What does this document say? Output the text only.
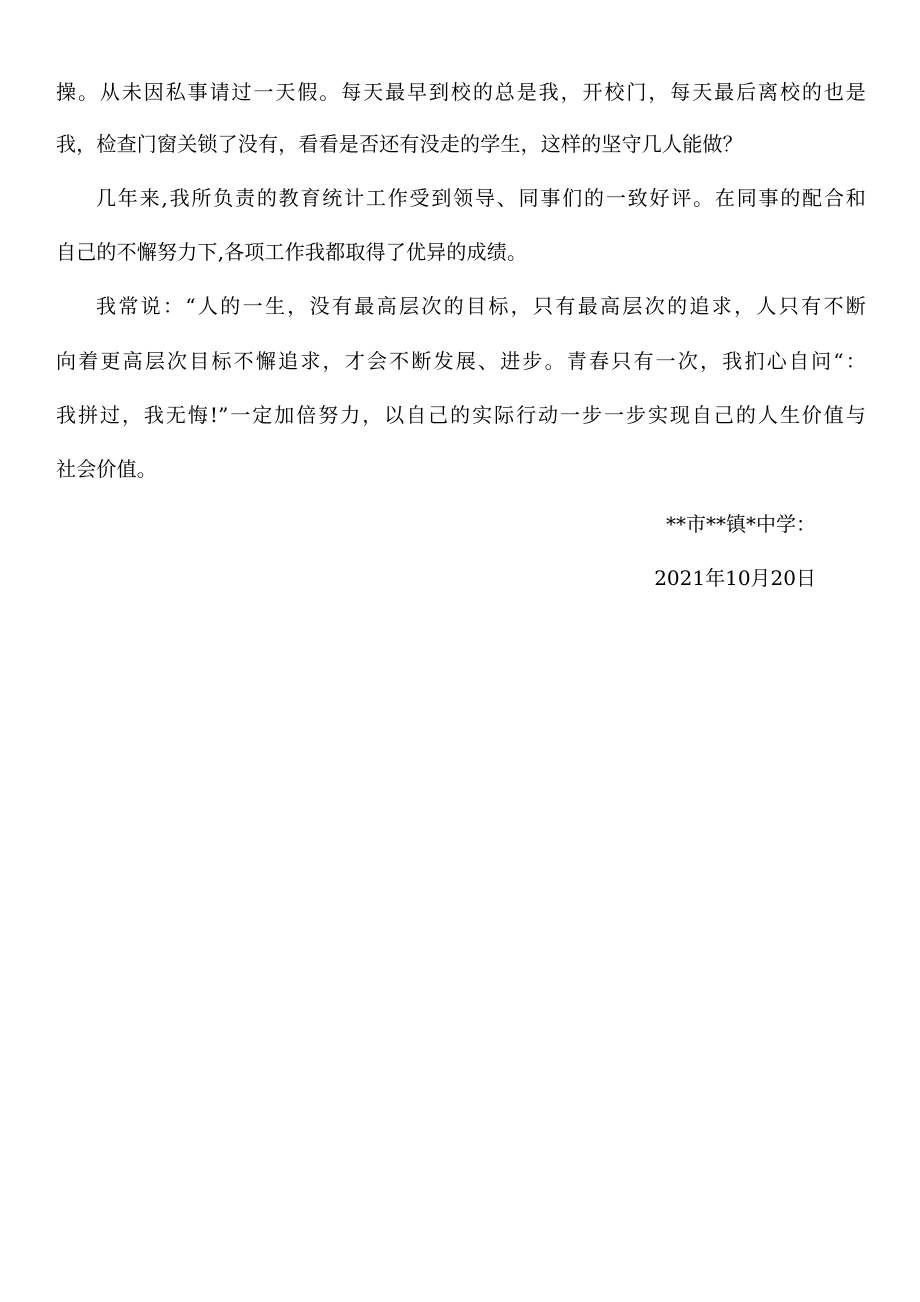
操。从未因私事请过一天假。每天最早到校的总是我，开校门，每天最后离校的也是
我，检查门窗关锁了没有，看看是否还有没走的学生，这样的坚守几人能做？
几年来,我所负责的教育统计工作受到领导、同事们的一致好评。在同事的配合和
自己的不懈努力下,各项工作我都取得了优异的成绩。
我常说：“人的一生，没有最高层次的目标，只有最高层次的追求，人只有不断
向着更高层次目标不懈追求，才会不断发展、进步。青春只有一次，我扪心自问“：
我拼过，我无悔!”一定加倍努力，以自己的实际行动一步一步实现自己的人生价值与
社会价值。
**市**镇*中学：
2021年10月20日
